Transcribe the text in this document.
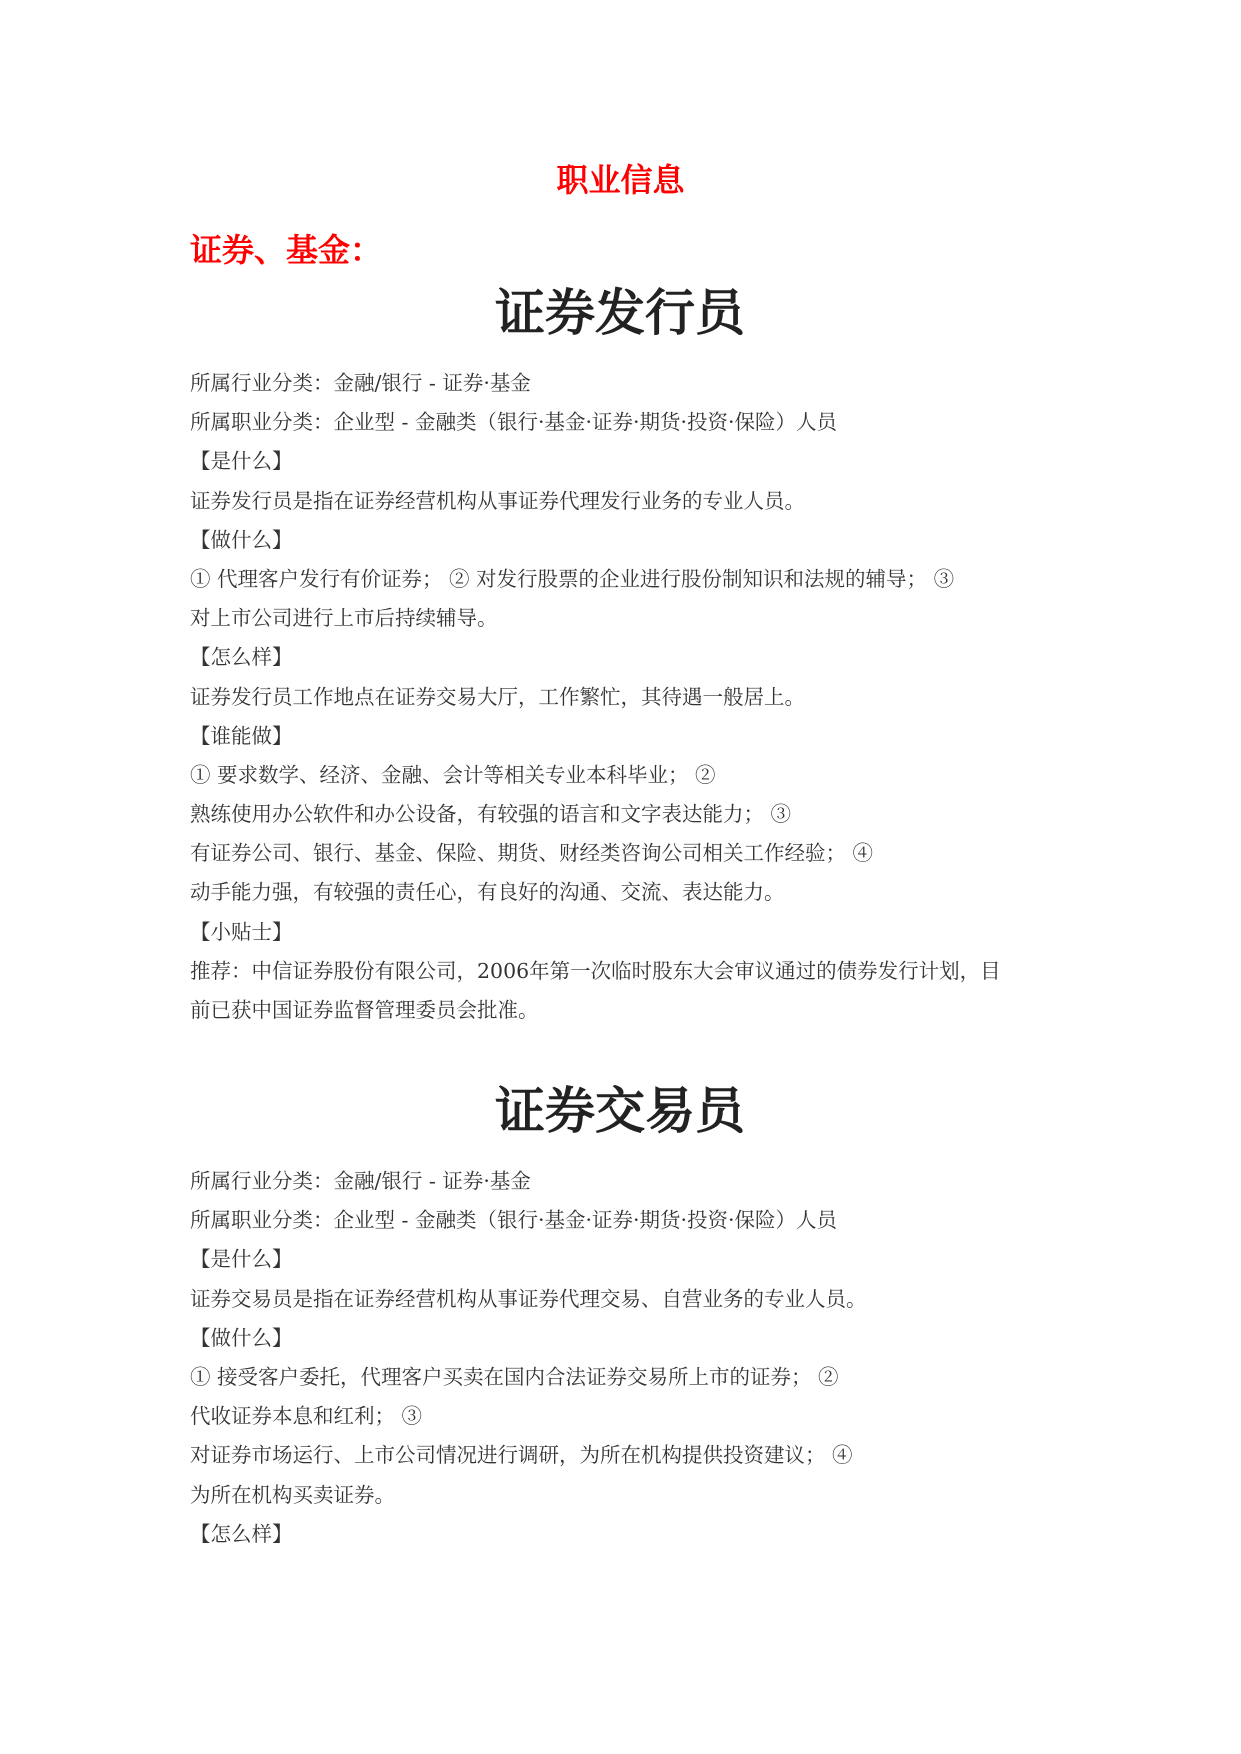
职业信息
证券、基金：
证券发行员
所属行业分类：金融/银行 - 证券·基金
所属职业分类：企业型 - 金融类（银行·基金·证券·期货·投资·保险）人员
【是什么】
证券发行员是指在证券经营机构从事证券代理发行业务的专业人员。
【做什么】
① 代理客户发行有价证券； ② 对发行股票的企业进行股份制知识和法规的辅导； ③
对上市公司进行上市后持续辅导。
【怎么样】
证券发行员工作地点在证券交易大厅，工作繁忙，其待遇一般居上。
【谁能做】
① 要求数学、经济、金融、会计等相关专业本科毕业； ②
熟练使用办公软件和办公设备，有较强的语言和文字表达能力； ③
有证券公司、银行、基金、保险、期货、财经类咨询公司相关工作经验； ④
动手能力强，有较强的责任心，有良好的沟通、交流、表达能力。
【小贴士】
推荐：中信证券股份有限公司，2006年第一次临时股东大会审议通过的债券发行计划，目
前已获中国证券监督管理委员会批准。
证券交易员
所属行业分类：金融/银行 - 证券·基金
所属职业分类：企业型 - 金融类（银行·基金·证券·期货·投资·保险）人员
【是什么】
证券交易员是指在证券经营机构从事证券代理交易、自营业务的专业人员。
【做什么】
① 接受客户委托，代理客户买卖在国内合法证券交易所上市的证券； ②
代收证券本息和红利； ③
对证券市场运行、上市公司情况进行调研，为所在机构提供投资建议； ④
为所在机构买卖证券。
【怎么样】
